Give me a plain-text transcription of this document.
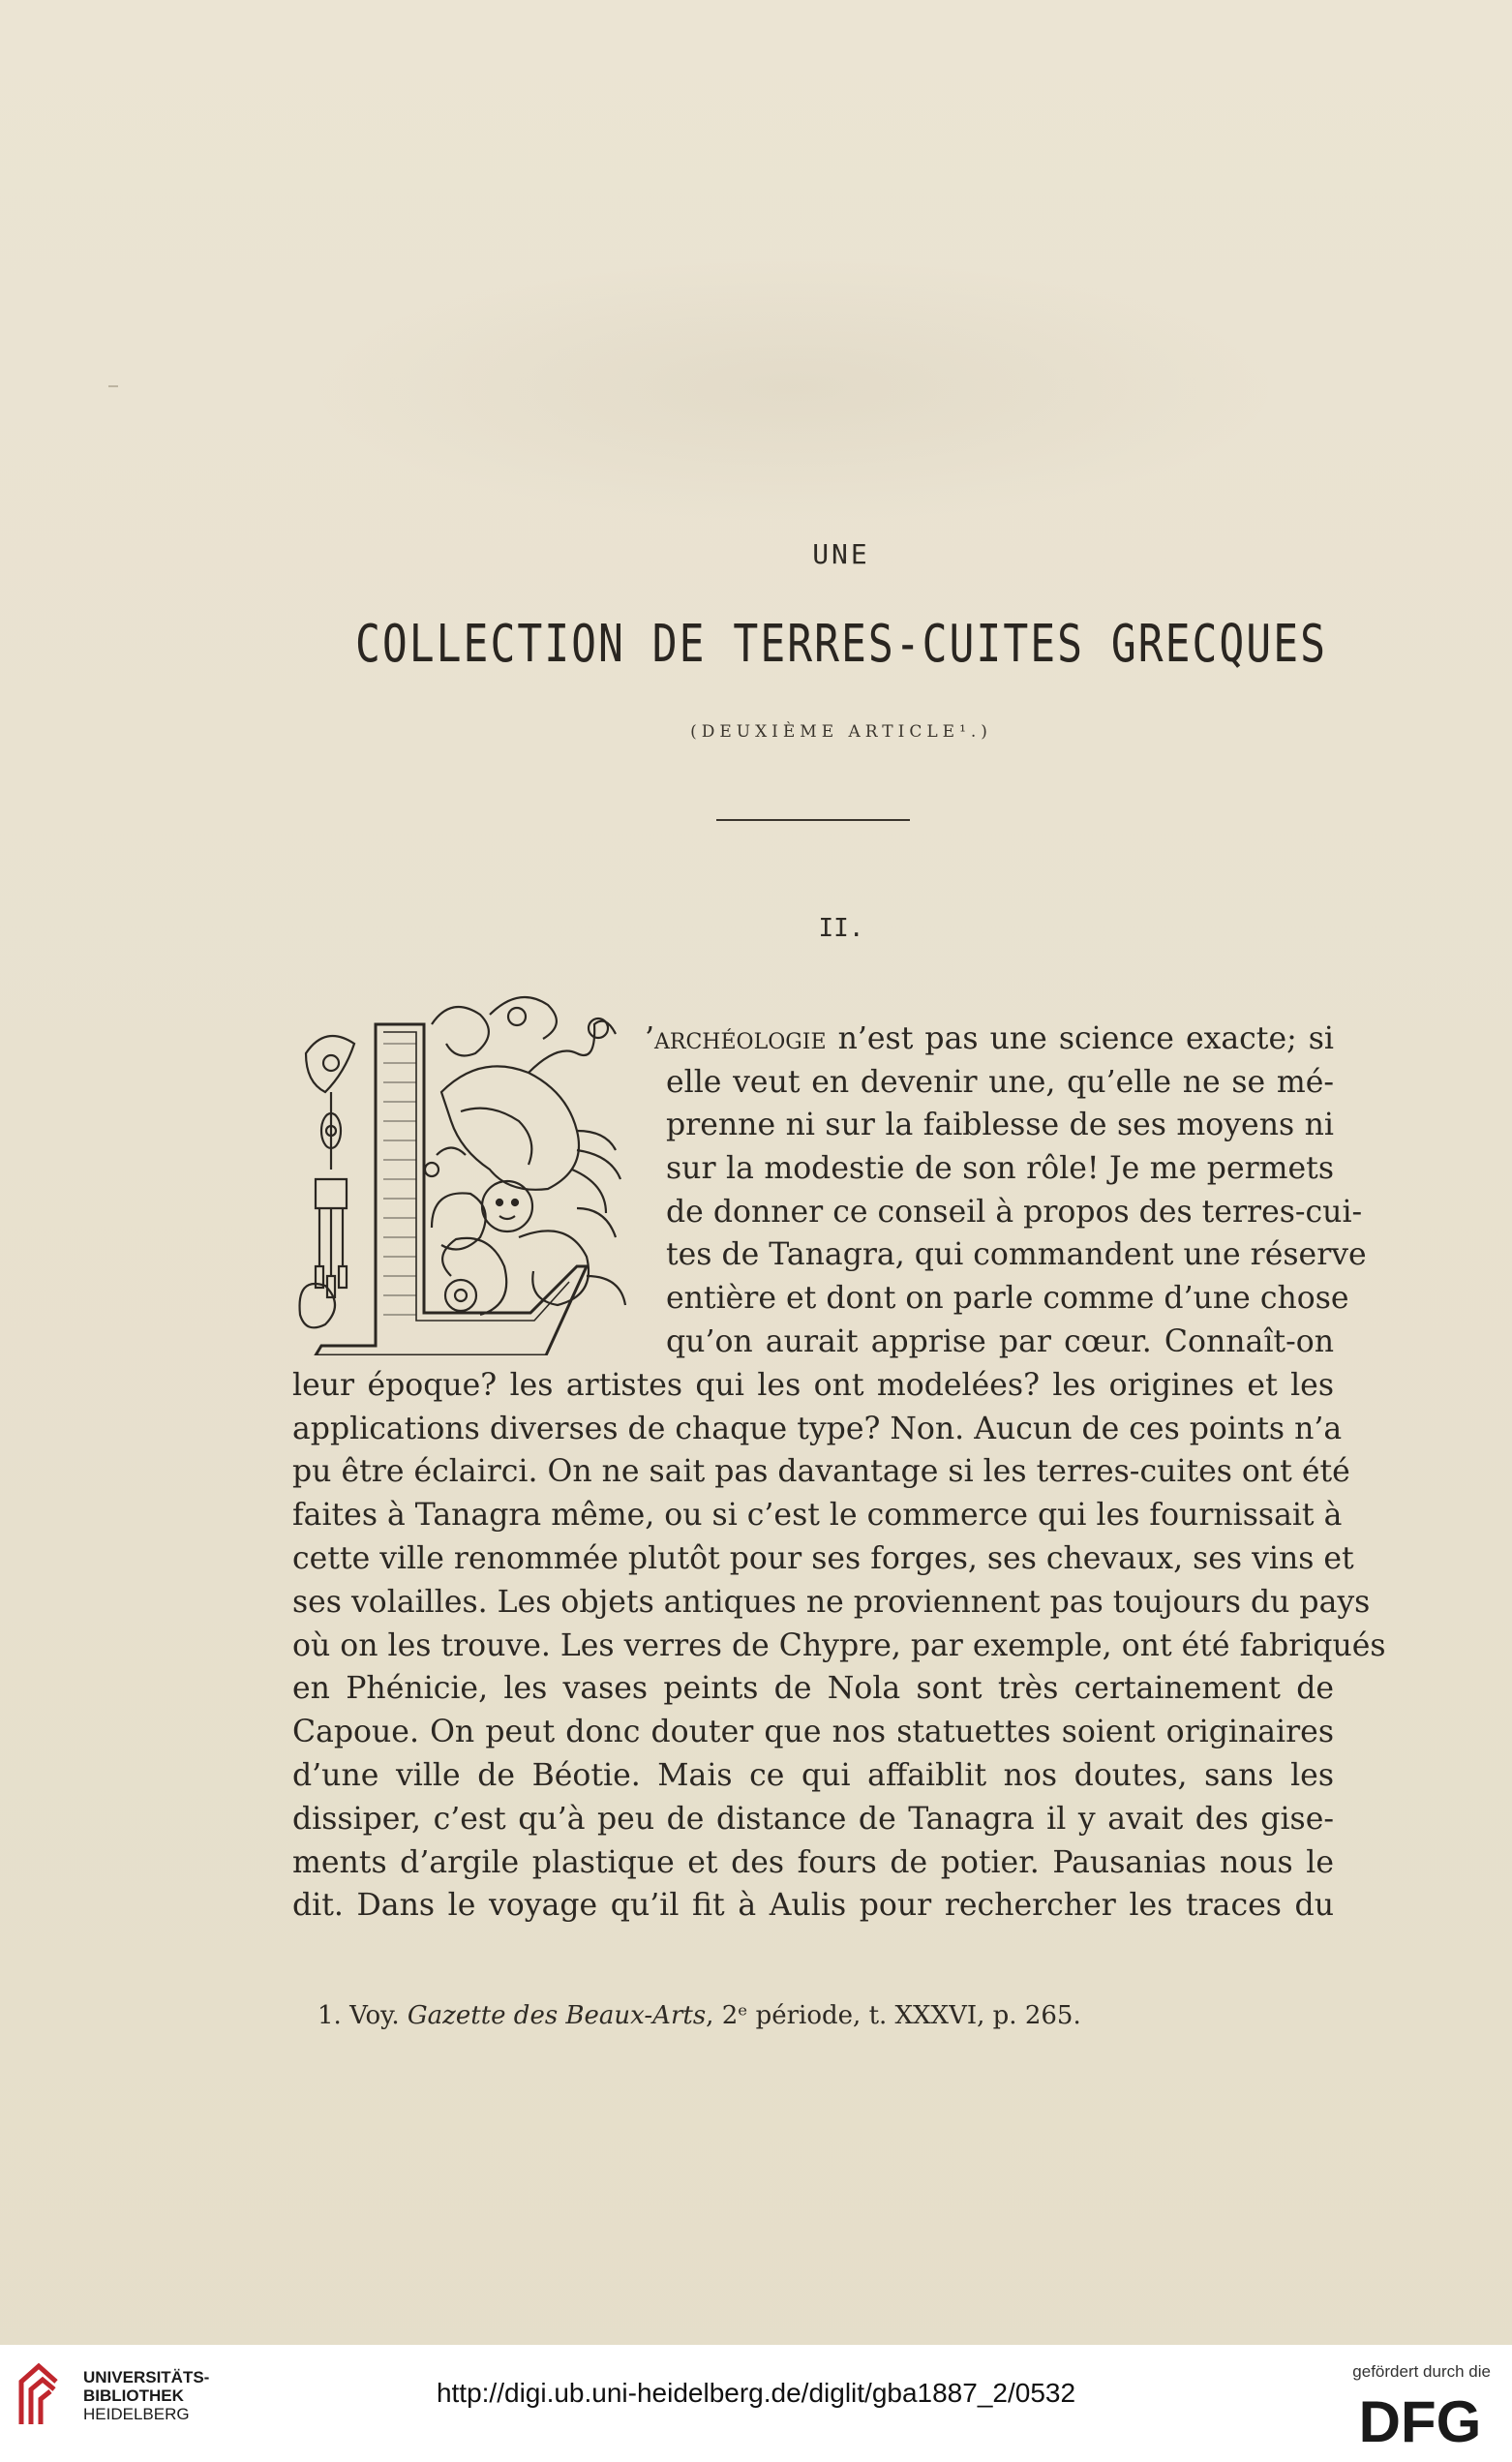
UNE
COLLECTION DE TERRES-CUITES GRECQUES
(DEUXIÈME ARTICLE¹.)
II.
’archéologie n’est pas une science exacte; si
elle veut en devenir une, qu’elle ne se mé-
prenne ni sur la faiblesse de ses moyens ni
sur la modestie de son rôle! Je me permets
de donner ce conseil à propos des terres-cui-
tes de Tanagra, qui commandent une réserve
entière et dont on parle comme d’une chose
qu’on aurait apprise par cœur. Connaît-on
leur époque? les artistes qui les ont modelées? les origines et les
applications diverses de chaque type? Non. Aucun de ces points n’a
pu être éclairci. On ne sait pas davantage si les terres-cuites ont été
faites à Tanagra même, ou si c’est le commerce qui les fournissait à
cette ville renommée plutôt pour ses forges, ses chevaux, ses vins et
ses volailles. Les objets antiques ne proviennent pas toujours du pays
où on les trouve. Les verres de Chypre, par exemple, ont été fabriqués
en Phénicie, les vases peints de Nola sont très certainement de
Capoue. On peut donc douter que nos statuettes soient originaires
d’une ville de Béotie. Mais ce qui affaiblit nos doutes, sans les
dissiper, c’est qu’à peu de distance de Tanagra il y avait des gise-
ments d’argile plastique et des fours de potier. Pausanias nous le
dit. Dans le voyage qu’il fit à Aulis pour rechercher les traces du
1. Voy. Gazette des Beaux-Arts, 2ᵉ période, t. XXXVI, p. 265.
UNIVERSITÄTS-
BIBLIOTHEK
HEIDELBERG
http://digi.ub.uni-heidelberg.de/diglit/gba1887_2/0532
gefördert durch die
DFG
